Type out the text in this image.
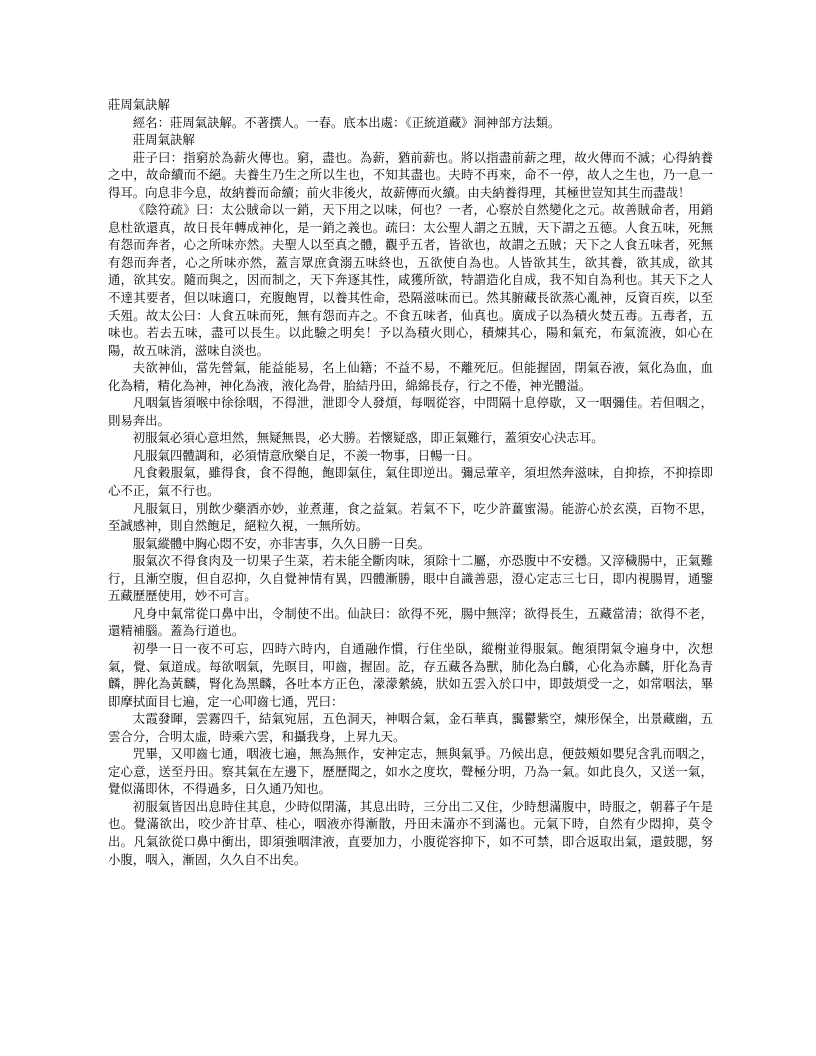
莊周氣訣解

經名：莊周氣訣解。不著撰人。一春。底本出處：《正統道藏》洞神部方法類。

莊周氣訣解

莊子曰：指窮於為薪火傳也。窮，盡也。為薪，猶前薪也。將以指盡前薪之理，故火傳而不滅；心得納養之中，故命續而不絕。夫養生乃生之所以生也，不知其盡也。夫時不再來，命不一停，故人之生也，乃一息一得耳。向息非今息，故納養而命續；前火非後火，故薪傳而火續。由夫納養得理，其極世豈知其生而盡哉！

《陰符疏》曰：太公賊命以一銷，天下用之以味，何也？一者，心察於自然變化之元。故善賊命者，用銷息杜欲還真，故日長年轉成神化，是一銷之義也。疏曰：太公聖人謂之五賊，天下謂之五德。人食五味，死無有怨而奔者，心之所味亦然。夫聖人以至真之體，觀乎五者，皆欲也，故謂之五賊；天下之人食五味者，死無有怨而奔者，心之所味亦然，蓋言眾庶貪溺五味終也，五欲使自為也。人皆欲其生，欲其養，欲其成，欲其通，欲其安。隨而與之，因而制之，天下奔逐其性，咸獲所欲，特謂造化自成，我不知自為利也。其天下之人不達其要者，但以味適口，充腹飽胃，以養其性命，恐隔滋味而已。然其腑藏長欲蒸心亂神，反資百疾，以至夭殂。故太公曰：人食五味而死，無有怨而卉之。不食五味者，仙真也。廣成子以為積火焚五毒。五毒者，五味也。若去五味，盡可以長生。以此驗之明矣！予以為積火則心，積煉其心，陽和氣充，布氣流液，如心在陽，故五味消，滋味自淡也。

夫欲神仙，當先營氣，能益能易，名上仙籍；不益不易，不離死厄。但能握固，閉氣吞液，氣化為血，血化為精，精化為神，神化為液，液化為骨，胎結丹田，綿綿長存，行之不倦，神光體溢。

凡咽氣皆須喉中徐徐咽，不得泄，泄即令人發煩，每咽從容，中問隔十息停歇，又一咽彌佳。若但咽之，則易奔出。

初服氣必須心意坦然，無疑無畏，必大勝。若懷疑惑，即正氣難行，蓋須安心決志耳。

凡服氣四體調和，必須情意欣樂自足，不羨一物事，日暢一日。

凡食穀服氣，雖得食，食不得飽，飽即氣住，氣住即逆出。彌忌葷辛，須坦然奔滋味，自抑捺，不抑捺即心不正，氣不行也。

凡服氣日，別飲少藥酒亦妙，並煮蓮，食之益氣。若氣不下，吃少許薑蜜湯。能游心於玄漠，百物不思，至誠感神，則自然飽足，絕粒久視，一無所妨。

服氣縱體中胸心悶不安，亦非害事，久久日勝一日矣。

服氣次不得食肉及一切果子生菜，若未能全斷肉味，須除十二屬，亦恐腹中不安穩。又滓穢腸中，正氣難行，且漸空腹，但自忍抑，久自覺神情有異，四體漸勝，眼中自識善惡，澄心定志三七日，即内視腸胃，通鑒五藏歷歷使用，妙不可言。

凡身中氣常從口鼻中出，令制使不出。仙訣曰：欲得不死，腸中無滓；欲得長生，五藏當清；欲得不老，還精補腦。蓋為行道也。

初學一日一夜不可忘，四時六時内，自通融作慣，行住坐臥，縱榭並得服氣。飽須閉氣令遍身中，次想氣，覺、氣道成。每欲咽氣，先暝目，叩齒，握固。訖，存五藏各為獸，肺化為白麟，心化為赤麟，肝化為青麟，脾化為黃麟，腎化為黑麟，各吐本方正色，濛濛縈繞，狀如五雲入於口中，即鼓煩受一之，如常咽法，畢即摩拭面目七遍，定一心叩齒七通，咒曰：

太霞發暉，雲霧四千，結氣宛屈，五色洞天，神咽合氣，金石華真，靄鬱紫空，煉形保全，出景藏幽，五雲合分，合明太虛，時乘六雲，和攝我身，上昇九天。

咒畢，又叩齒七通，咽液七遍，無為無作，安神定志，無與氣爭。乃候出息，便鼓頰如嬰兒含乳而咽之，定心意，送至丹田。察其氣在左邊下，歷歷聞之，如水之度坎，聲極分明，乃為一氣。如此良久，又送一氣，覺似滿即休，不得過多，日久通乃知也。

初服氣皆因出息時住其息，少時似閉滿，其息出時，三分出二又住，少時想滿腹中，時服之，朝暮子午是也。覺滿欲出，咬少許甘草、桂心，咽液亦得漸散，丹田未滿亦不到滿也。元氣下時，自然有少悶抑，莫令出。凡氣欲從口鼻中衝出，即須強咽津液，直要加力，小腹從容抑下，如不可禁，即合返取出氣，還鼓腮，努小腹，咽入，漸固，久久自不出矣。
